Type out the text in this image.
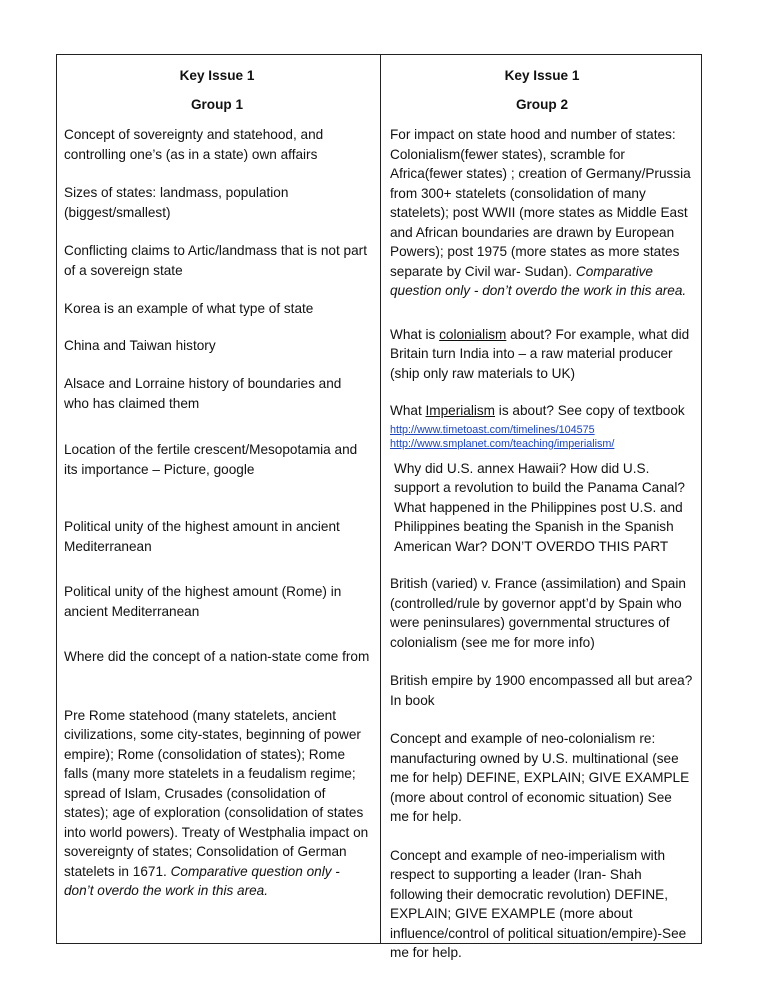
Key Issue 1

Group 1

Concept of sovereignty and statehood, and controlling one’s (as in a state) own affairs

Sizes of states: landmass, population (biggest/smallest)

Conflicting claims to Artic/landmass that is not part of a sovereign state

Korea is an example of what type of state

China and Taiwan history

Alsace and Lorraine history of boundaries and who has claimed them

Location of the fertile crescent/Mesopotamia and its importance – Picture, google

Political unity of the highest amount in ancient Mediterranean

Political unity of the highest amount (Rome) in ancient Mediterranean

Where did the concept of a nation-state come from

Pre Rome statehood (many statelets, ancient civilizations, some city-states, beginning of power empire); Rome (consolidation of states); Rome falls (many more statelets in a feudalism regime; spread of Islam, Crusades (consolidation of states); age of exploration (consolidation of states into world powers). Treaty of Westphalia impact on sovereignty of states; Consolidation of German statelets in 1671. Comparative question only - don’t overdo the work in this area.

Key Issue 1

Group 2

For impact on state hood and number of states: Colonialism(fewer states), scramble for Africa(fewer states) ; creation of Germany/Prussia from 300+ statelets (consolidation of many statelets); post WWII (more states as Middle East and African boundaries are drawn by European Powers); post 1975 (more states as more states separate by Civil war- Sudan). Comparative question only - don’t overdo the work in this area.

What is colonialism about? For example, what did Britain turn India into – a raw material producer (ship only raw materials to UK)

What Imperialism is about? See copy of textbook

http://www.timetoast.com/timelines/104575
http://www.smplanet.com/teaching/imperialism/

Why did U.S. annex Hawaii? How did U.S. support a revolution to build the Panama Canal? What happened in the Philippines post U.S. and Philippines beating the Spanish in the Spanish American War? DON’T OVERDO THIS PART

British (varied) v. France (assimilation) and Spain (controlled/rule by governor appt’d by Spain who were peninsulares) governmental structures of colonialism (see me for more info)

British empire by 1900 encompassed all but area? In book

Concept and example of neo-colonialism re: manufacturing owned by U.S. multinational (see me for help) DEFINE, EXPLAIN; GIVE EXAMPLE (more about control of economic situation) See me for help.

Concept and example of neo-imperialism with respect to supporting a leader (Iran- Shah following their democratic revolution) DEFINE, EXPLAIN; GIVE EXAMPLE (more about influence/control of political situation/empire)-See me for help.
